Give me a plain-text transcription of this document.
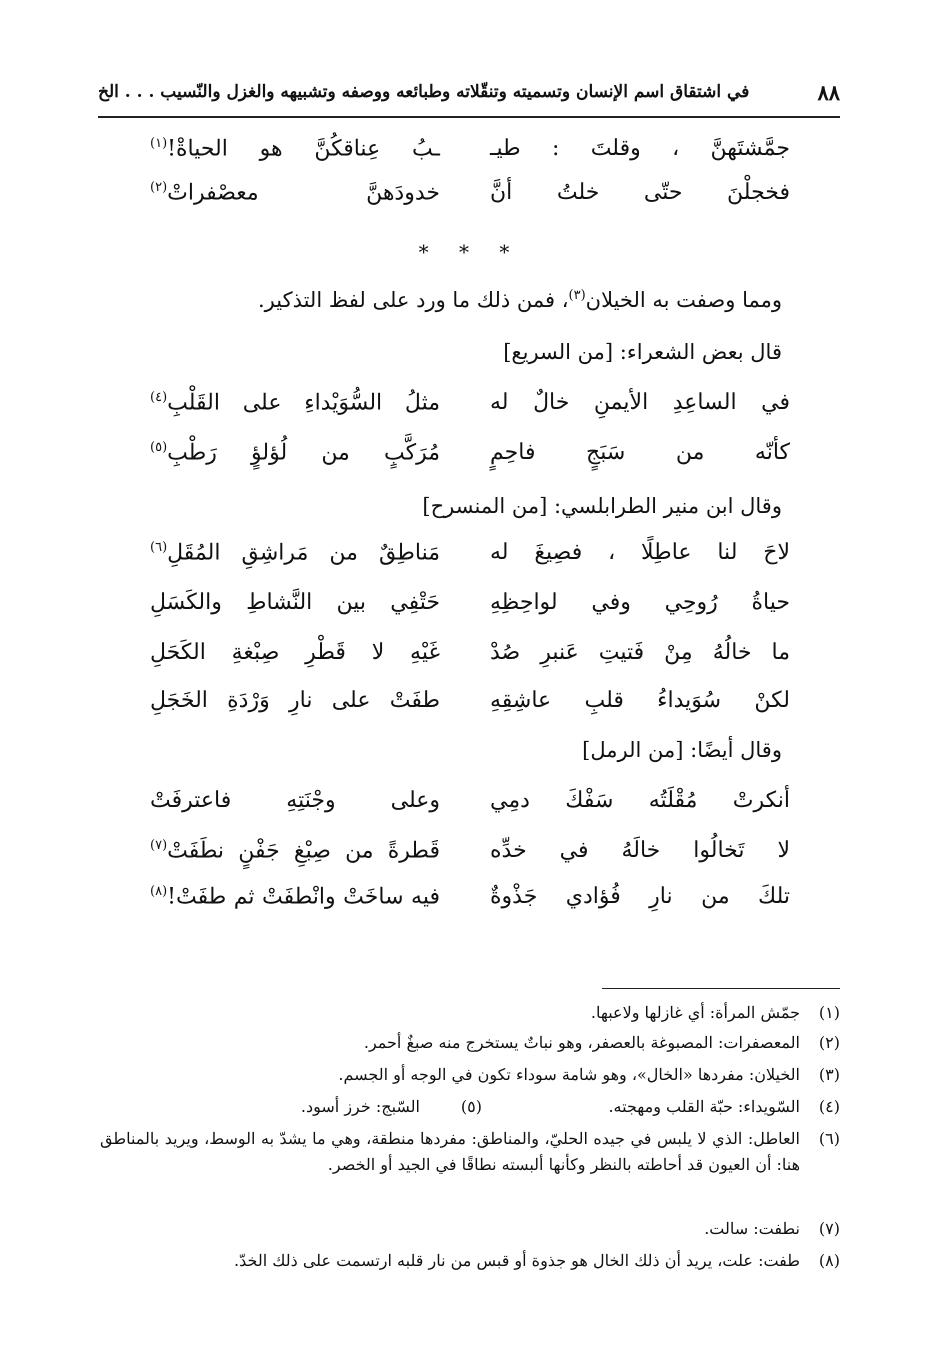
٨٨
في اشتقاق اسم الإنسان وتسميته وتنقّلاته وطبائعه ووصفه وتشبيهه والغزل والنّسيب . . . الخ
جمَّشتَهنَّ ، وقلتَ : طيـ
ـبُ عِناقكُنَّ هو الحياةْ!$^{(١)}$
فخجلْنَ حتّى خلتُ أنَّ
خدودَهنَّ معصْفراتْ$^{(٢)}$
* * *
ومما وصفت به الخيلان$^{(٣)}$، فمن ذلك ما ورد على لفظ التذكير.
قال بعض الشعراء: [من السريع]
في الساعِدِ الأيمنِ خالٌ له
مثلُ السُّوَيْداءِ على القَلْبِ$^{(٤)}$
كأنّه من سَبَجٍ فاحِمٍ
مُرَكَّبٍ من لُؤلؤٍ رَطْبِ$^{(٥)}$
وقال ابن منير الطرابلسي: [من المنسرح]
لاحَ لنا عاطِلًا ، فصِيغَ له
مَناطِقٌ من مَراشِقِ المُقَلِ$^{(٦)}$
حياةُ رُوحِي وفي لواحِظِهِ
حَتْفِي بين النَّشاطِ والكَسَلِ
ما خالُهُ مِنْ فَتيتِ عَنبرِ صُدْ
غَيْهِ لا قَطْرِ صِبْغةِ الكَحَلِ
لكنْ سُوَيداءُ قلبِ عاشِقِهِ
طفَتْ على نارِ وَرْدَةِ الخَجَلِ
وقال أيضًا: [من الرمل]
أنكرتْ مُقْلَتُه سَفْكَ دمِي
وعلى وجْنَتِهِ فاعترفَتْ
لا تَخالُوا خالَهُ في خدِّه
قَطرةً من صِبْغِ جَفْنٍ نطَفَتْ$^{(٧)}$
تلكَ من نارِ فُؤادي جَذْوةٌ
فيه ساخَتْ وانْطفَتْ ثم طفَتْ!$^{(٨)}$
(١)
جمّش المرأة: أي غازلها ولاعبها.
(٢)
المعصفرات: المصبوغة بالعصفر، وهو نباتٌ يستخرج منه صبغٌ أحمر.
(٣)
الخيلان: مفردها «الخال»، وهو شامة سوداء تكون في الوجه أو الجسم.
(٤)
السّويداء: حبّة القلب ومهجته.
(٥)
السّبج: خرز أسود.
(٦)
العاطل: الذي لا يلبس في جيده الحليّ، والمناطق: مفردها منطقة، وهي ما يشدّ به الوسط، ويريد بالمناطق هنا: أن العيون قد أحاطته بالنظر وكأنها ألبسته نطاقًا في الجيد أو الخصر.
(٧)
نطفت: سالت.
(٨)
طفت: علت، يريد أن ذلك الخال هو جذوة أو قبس من نار قلبه ارتسمت على ذلك الخدّ.
